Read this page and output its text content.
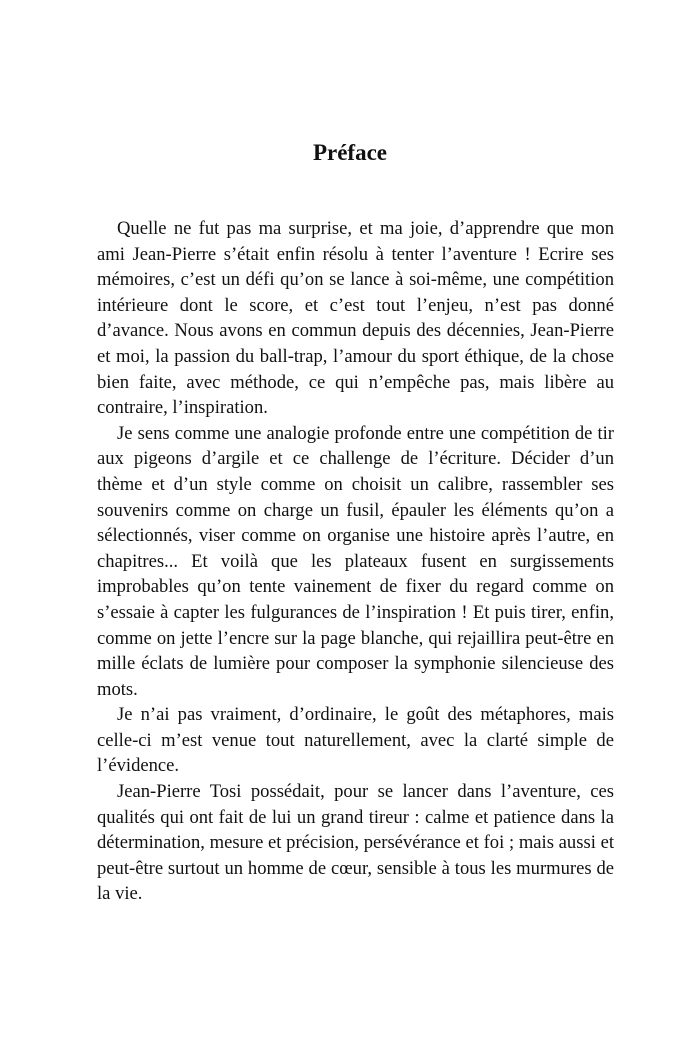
Préface

Quelle ne fut pas ma surprise, et ma joie, d’apprendre que mon ami Jean-Pierre s’était enfin résolu à tenter l’aventure ! Ecrire ses mémoires, c’est un défi qu’on se lance à soi-même, une compétition intérieure dont le score, et c’est tout l’enjeu, n’est pas donné d’avance. Nous avons en commun depuis des décennies, Jean-Pierre et moi, la passion du ball-trap, l’amour du sport éthique, de la chose bien faite, avec méthode, ce qui n’empêche pas, mais libère au contraire, l’inspiration.

Je sens comme une analogie profonde entre une compétition de tir aux pigeons d’argile et ce challenge de l’écriture. Décider d’un thème et d’un style comme on choisit un calibre, rassembler ses souvenirs comme on charge un fusil, épauler les éléments qu’on a sélectionnés, viser comme on organise une histoire après l’autre, en chapitres... Et voilà que les plateaux fusent en surgissements improbables qu’on tente vainement de fixer du regard comme on s’essaie à capter les fulgurances de l’inspiration ! Et puis tirer, enfin, comme on jette l’encre sur la page blanche, qui rejaillira peut-être en mille éclats de lumière pour composer la symphonie silencieuse des mots.

Je n’ai pas vraiment, d’ordinaire, le goût des métaphores, mais celle-ci m’est venue tout naturellement, avec la clarté simple de l’évidence.

Jean-Pierre Tosi possédait, pour se lancer dans l’aventure, ces qualités qui ont fait de lui un grand tireur : calme et patience dans la détermination, mesure et précision, persévérance et foi ; mais aussi et peut-être surtout un homme de cœur, sensible à tous les murmures de la vie.
